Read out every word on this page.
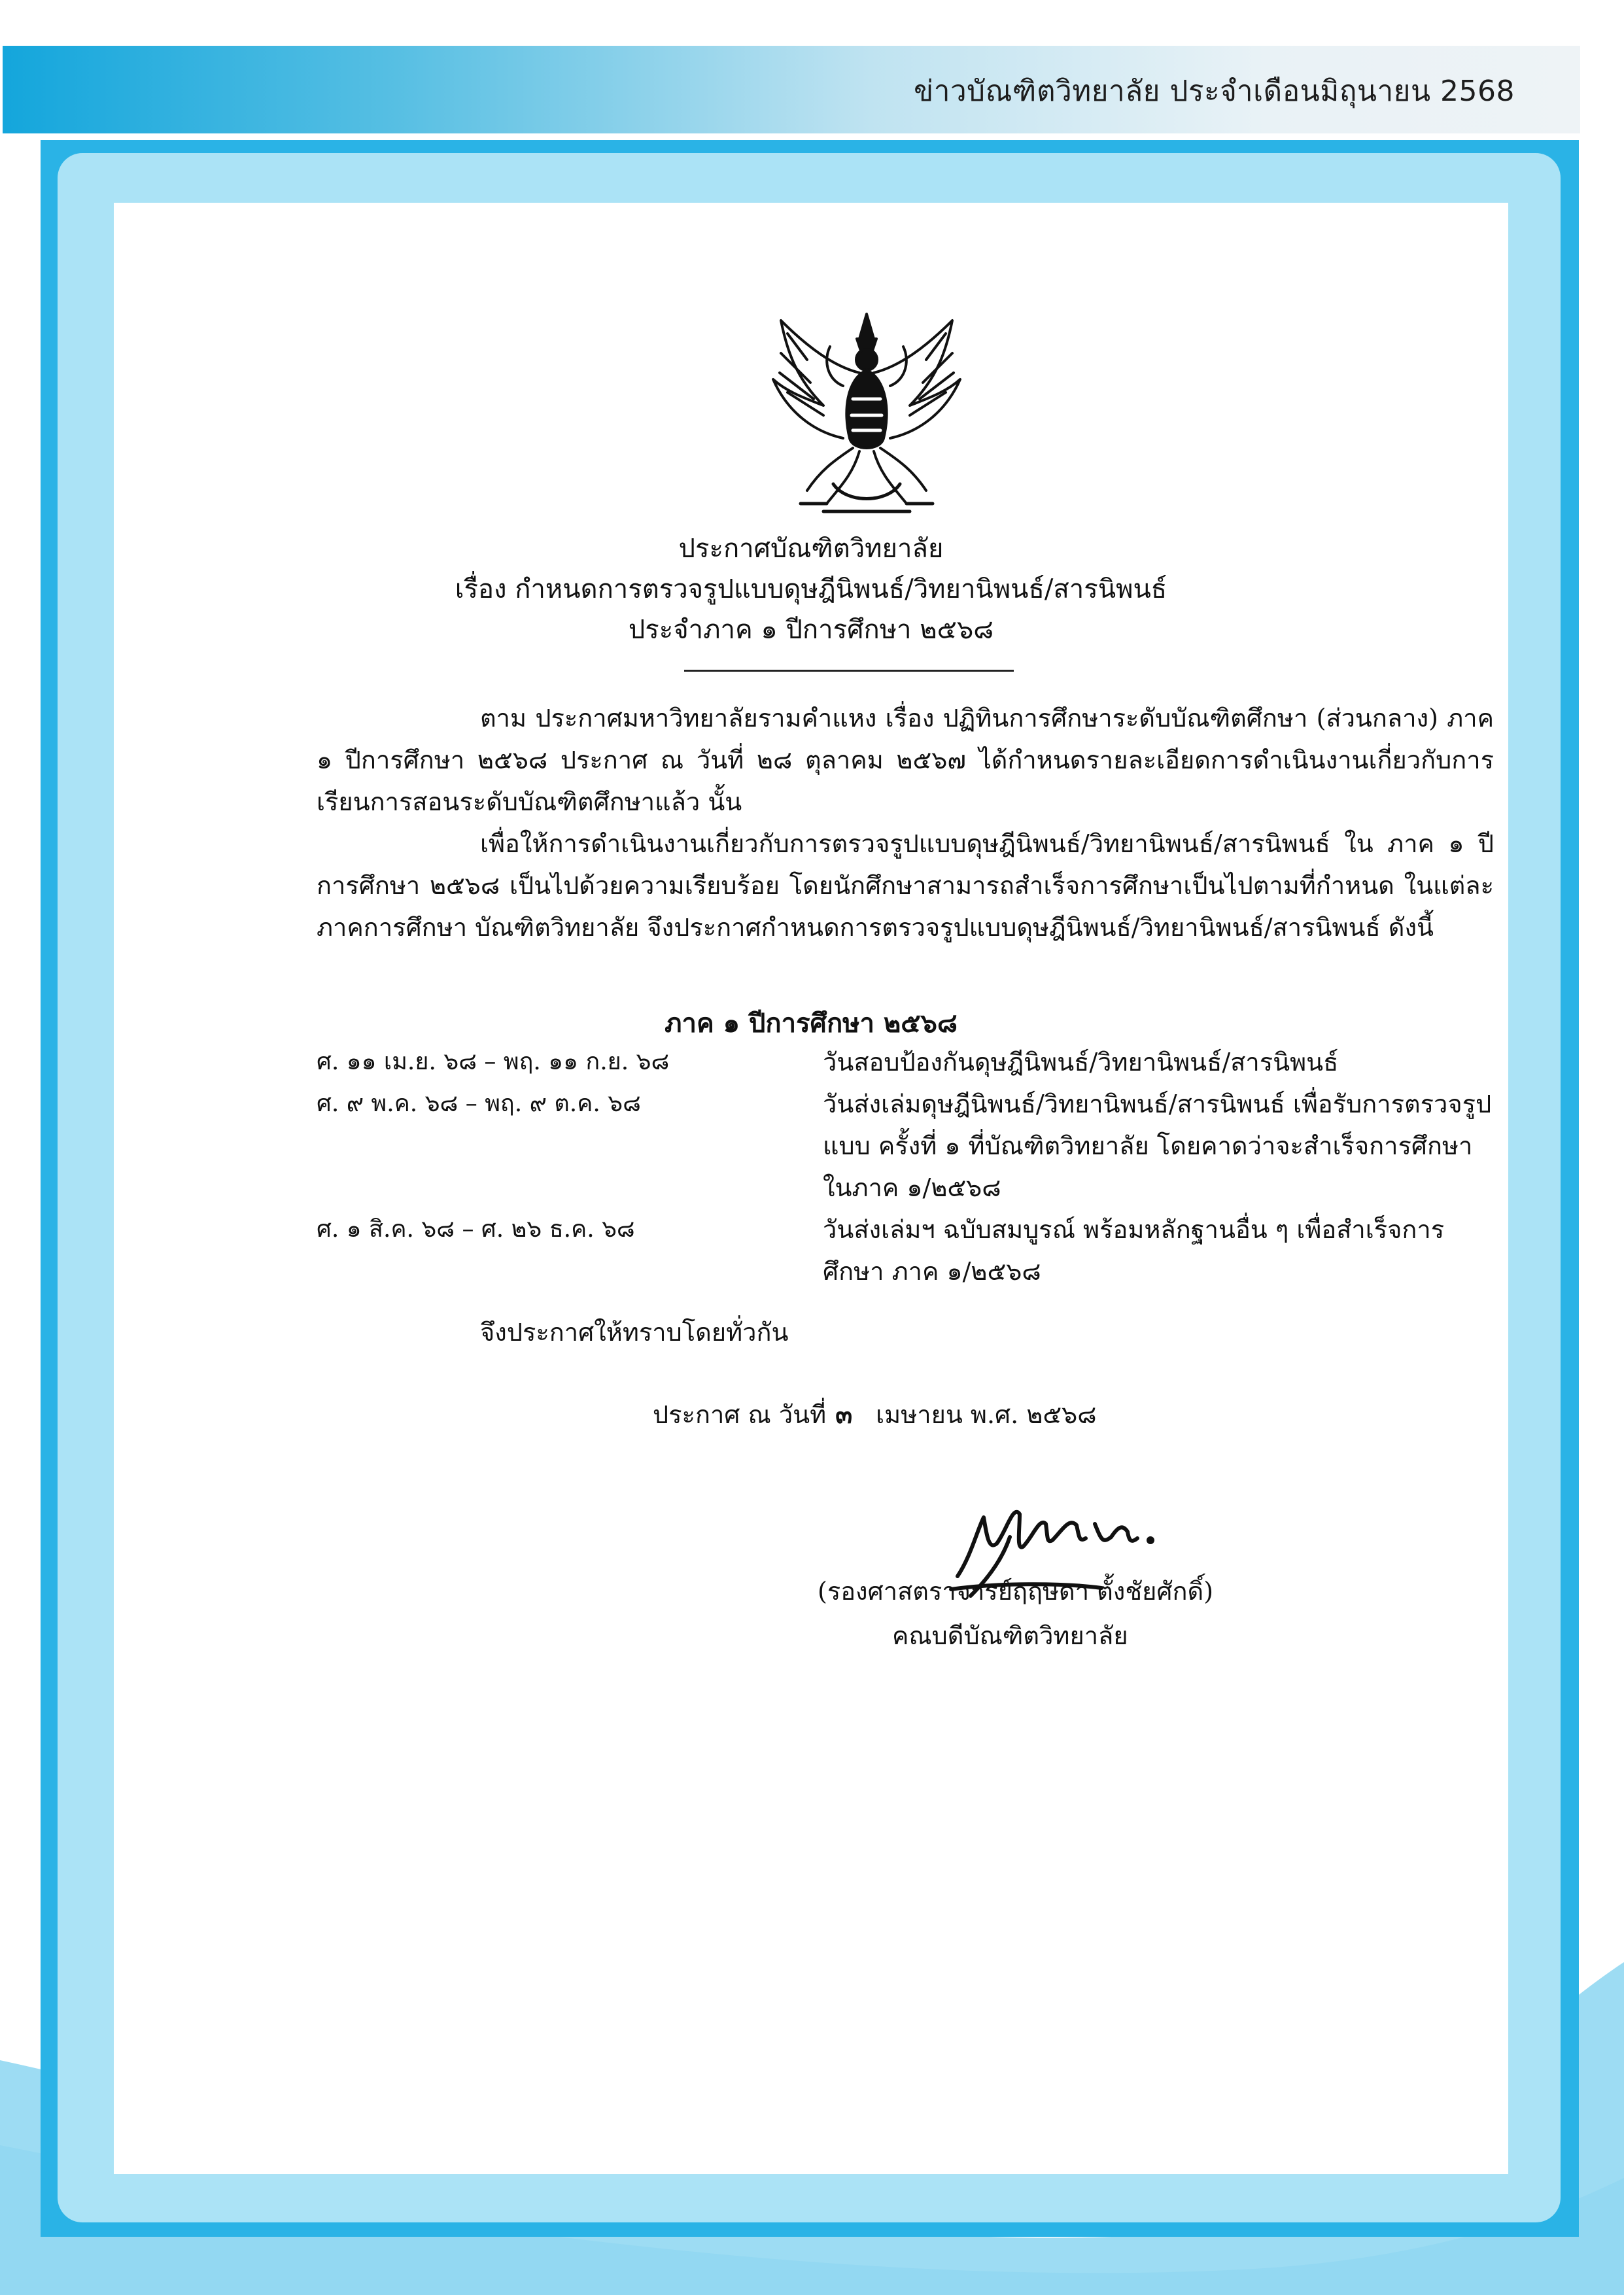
ข่าวบัณฑิตวิทยาลัย ประจำเดือนมิถุนายน 2568
ประกาศบัณฑิตวิทยาลัย
เรื่อง กำหนดการตรวจรูปแบบดุษฎีนิพนธ์/วิทยานิพนธ์/สารนิพนธ์
ประจำภาค ๑ ปีการศึกษา ๒๕๖๘
ตาม ประกาศมหาวิทยาลัยรามคำแหง เรื่อง ปฏิทินการศึกษาระดับบัณฑิตศึกษา (ส่วนกลาง) ภาค ๑ ปีการศึกษา ๒๕๖๘ ประกาศ ณ วันที่ ๒๘ ตุลาคม ๒๕๖๗ ได้กำหนดรายละเอียดการดำเนินงานเกี่ยวกับการเรียนการสอนระดับบัณฑิตศึกษาแล้ว นั้น
เพื่อให้การดำเนินงานเกี่ยวกับการตรวจรูปแบบดุษฎีนิพนธ์/วิทยานิพนธ์/สารนิพนธ์ ใน ภาค ๑ ปีการศึกษา ๒๕๖๘ เป็นไปด้วยความเรียบร้อย โดยนักศึกษาสามารถสำเร็จการศึกษาเป็นไปตามที่กำหนด ในแต่ละภาคการศึกษา บัณฑิตวิทยาลัย จึงประกาศกำหนดการตรวจรูปแบบดุษฎีนิพนธ์/วิทยานิพนธ์/สารนิพนธ์ ดังนี้
ภาค ๑ ปีการศึกษา ๒๕๖๘
ศ. ๑๑ เม.ย. ๖๘ – พฤ. ๑๑ ก.ย. ๖๘	วันสอบป้องกันดุษฎีนิพนธ์/วิทยานิพนธ์/สารนิพนธ์
ศ. ๙ พ.ค. ๖๘ – พฤ. ๙ ต.ค. ๖๘	วันส่งเล่มดุษฎีนิพนธ์/วิทยานิพนธ์/สารนิพนธ์ เพื่อรับการตรวจรูปแบบ ครั้งที่ ๑ ที่บัณฑิตวิทยาลัย โดยคาดว่าจะสำเร็จการศึกษาในภาค ๑/๒๕๖๘
ศ. ๑ สิ.ค. ๖๘ – ศ. ๒๖ ธ.ค. ๖๘	วันส่งเล่มฯ ฉบับสมบูรณ์ พร้อมหลักฐานอื่น ๆ เพื่อสำเร็จการศึกษา ภาค ๑/๒๕๖๘
จึงประกาศให้ทราบโดยทั่วกัน
ประกาศ ณ วันที่ ๓ เมษายน พ.ศ. ๒๕๖๘
(รองศาสตราจารย์ฤฤษดา ตั้งชัยศักดิ์)
คณบดีบัณฑิตวิทยาลัย
